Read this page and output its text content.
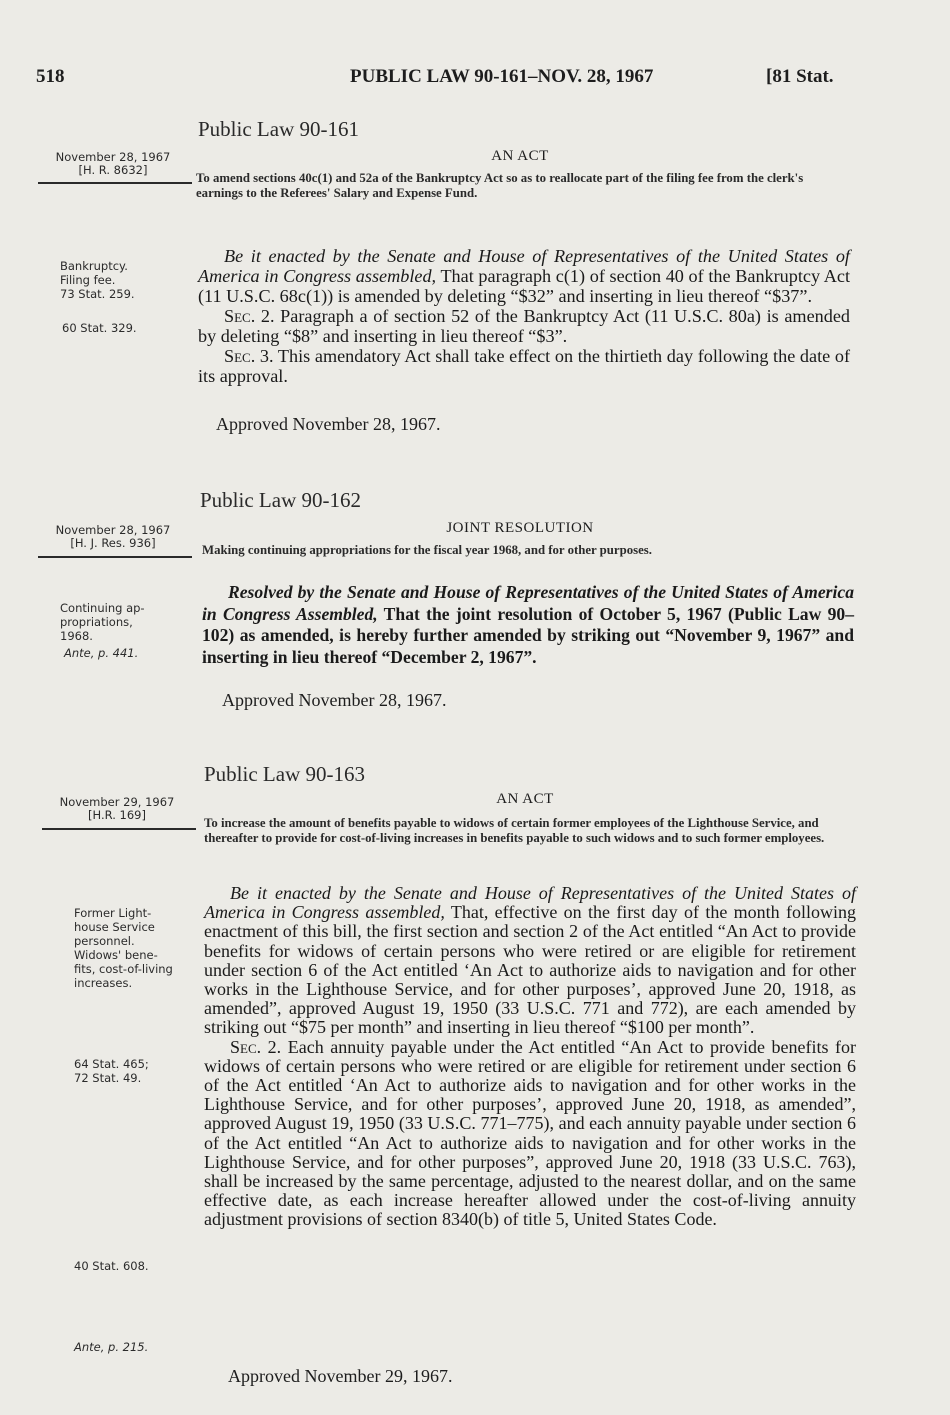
518	PUBLIC LAW 90-161–NOV. 28, 1967	[81 Stat.
Public Law 90-161
November 28, 1967
[H. R. 8632]
AN ACT
To amend sections 40c(1) and 52a of the Bankruptcy Act so as to reallocate part of the filing fee from the clerk's earnings to the Referees' Salary and Expense Fund.
Bankruptcy.
Filing fee.
73 Stat. 259.
60 Stat. 329.

Be it enacted by the Senate and House of Representatives of the United States of America in Congress assembled, That paragraph c(1) of section 40 of the Bankruptcy Act (11 U.S.C. 68c(1)) is amended by deleting “$32” and inserting in lieu thereof “$37”.

Sec. 2. Paragraph a of section 52 of the Bankruptcy Act (11 U.S.C. 80a) is amended by deleting “$8” and inserting in lieu thereof “$3”.

Sec. 3. This amendatory Act shall take effect on the thirtieth day following the date of its approval.

Approved November 28, 1967.
Public Law 90-162
November 28, 1967
[H. J. Res. 936]
JOINT RESOLUTION
Making continuing appropriations for the fiscal year 1968, and for other purposes.
Continuing ap-
propriations,
1968.
Ante, p. 441.

Resolved by the Senate and House of Representatives of the United States of America in Congress Assembled, That the joint resolution of October 5, 1967 (Public Law 90–102) as amended, is hereby further amended by striking out “November 9, 1967” and inserting in lieu thereof “December 2, 1967”.

Approved November 28, 1967.
Public Law 90-163
November 29, 1967
[H.R. 169]
AN ACT
To increase the amount of benefits payable to widows of certain former employees of the Lighthouse Service, and thereafter to provide for cost-of-living increases in benefits payable to such widows and to such former employees.
Former Light-
house Service
personnel.
Widows' bene-
fits, cost-of-living
increases.
64 Stat. 465;
72 Stat. 49.
40 Stat. 608.
Ante, p. 215.

Be it enacted by the Senate and House of Representatives of the United States of America in Congress assembled, That, effective on the first day of the month following enactment of this bill, the first section and section 2 of the Act entitled “An Act to provide benefits for widows of certain persons who were retired or are eligible for retirement under section 6 of the Act entitled ‘An Act to authorize aids to navigation and for other works in the Lighthouse Service, and for other purposes’, approved June 20, 1918, as amended”, approved August 19, 1950 (33 U.S.C. 771 and 772), are each amended by striking out “$75 per month” and inserting in lieu thereof “$100 per month”.

Sec. 2. Each annuity payable under the Act entitled “An Act to provide benefits for widows of certain persons who were retired or are eligible for retirement under section 6 of the Act entitled ‘An Act to authorize aids to navigation and for other works in the Lighthouse Service, and for other purposes’, approved June 20, 1918, as amended”, approved August 19, 1950 (33 U.S.C. 771–775), and each annuity payable under section 6 of the Act entitled “An Act to authorize aids to navigation and for other works in the Lighthouse Service, and for other purposes”, approved June 20, 1918 (33 U.S.C. 763), shall be increased by the same percentage, adjusted to the nearest dollar, and on the same effective date, as each increase hereafter allowed under the cost-of-living annuity adjustment provisions of section 8340(b) of title 5, United States Code.

Approved November 29, 1967.
